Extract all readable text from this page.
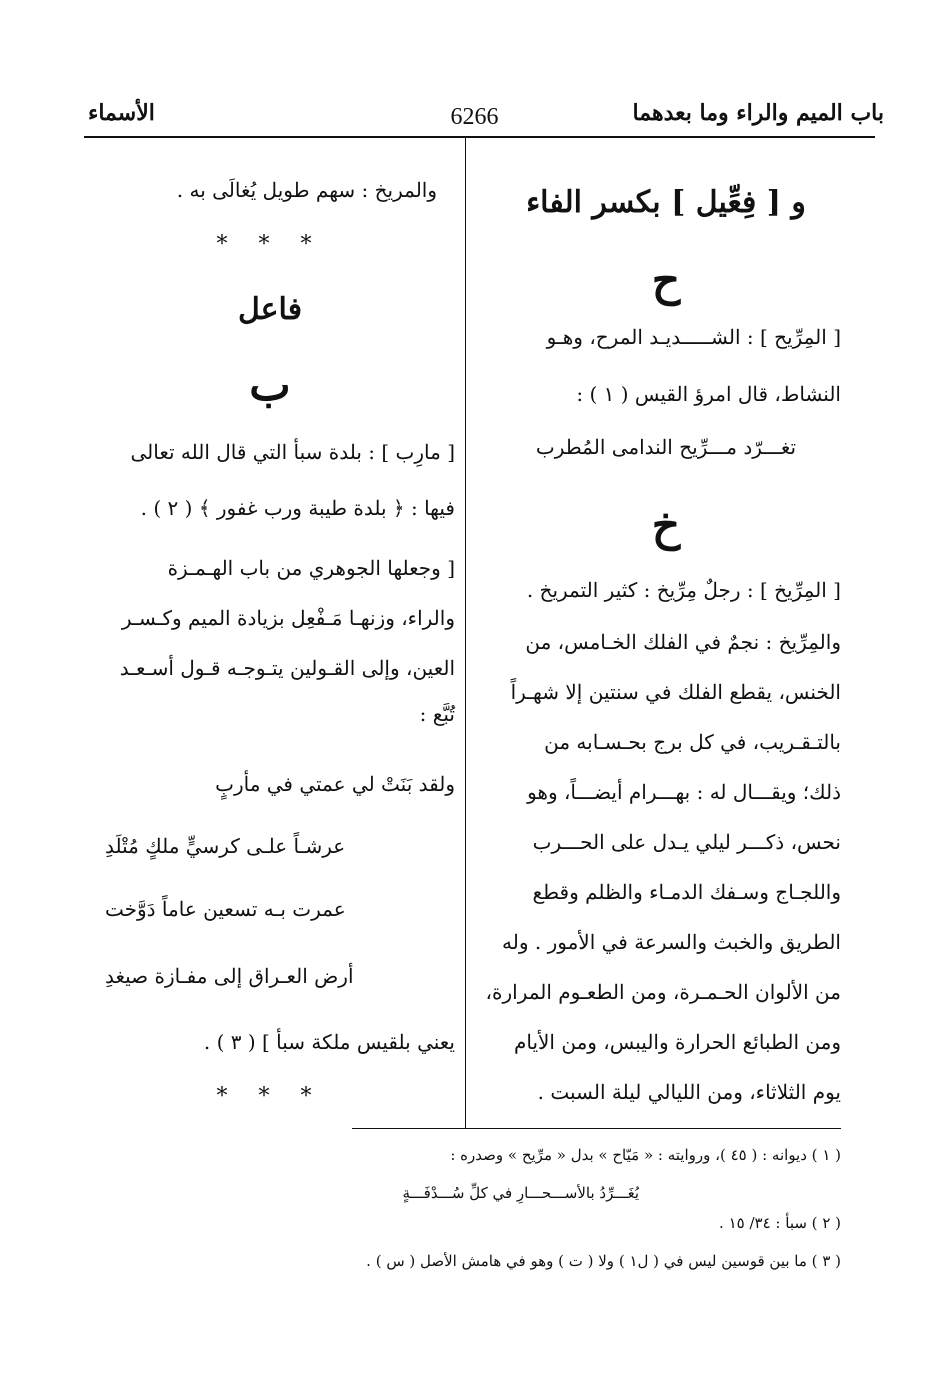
باب الميم والراء وما بعدهما
6266
الأسماء

و [ فِعِّيل ] بكسر الفاء

ح

[ المِرِّيح ] : الشـــــديـد المرح، وهـو

النشاط، قال امرؤ القيس ( ١ ) :

تغـــرّد مـــرِّيح الندامى المُطرب

خ

[ المِرِّيخ ] : رجلٌ مِرِّيخ : كثير التمريخ .

والمِرِّيخ : نجمٌ في الفلك الخـامس، من

الخنس، يقطع الفلك في سنتين إلا شهـراً

بالتـقـريب، في كل برج بحـسـابه من

ذلك؛ ويقـــال له : بهـــرام أيضـــاً، وهو

نحس، ذكـــر ليلي يـدل على الحـــرب

واللجـاج وسـفك الدمـاء والظلم وقطع

الطريق والخبث والسرعة في الأمور . وله

من الألوان الحـمـرة، ومن الطعـوم المرارة،

ومن الطبائع الحرارة واليبس، ومن الأيام

يوم الثلاثاء، ومن الليالي ليلة السبت .

والمريخ : سهم طويل يُغالَى به .

* * *

فاعل

ب

[ مارِب ] : بلدة سبأ التي قال الله تعالى

فيها : ﴿ بلدة طيبة ورب غفور ﴾ ( ٢ ) .

[ وجعلها الجوهري من باب الهـمـزة

والراء، وزنهـا مَـفْعِل بزيادة الميم وكـسـر

العين، وإلى القـولين يتـوجـه قـول أسـعـد

تُبَّع :

ولقد بَنَتْ لي عمتي في مأربٍ

عرشـاً علـى كرسيٍّ ملكٍ مُتْلَدِ

عمرت بـه تسعين عاماً دَوَّخت

أرض العـراق إلى مفـازة صيغدِ

يعني بلقيس ملكة سبأ ] ( ٣ ) .

* * *

( ١ ) ديوانه : ( ٤٥ )، وروايته : « مَيّاح » بدل « مرِّيح » وصدره :
يُغَـــرِّدُ بالأســـحـــارِ في كلِّ سُـــدْفَـــةٍ
( ٢ ) سبأ : ٣٤/ ١٥ .
( ٣ ) ما بين قوسين ليس في ( ل١ ) ولا ( ت ) وهو في هامش الأصل ( س ) .
